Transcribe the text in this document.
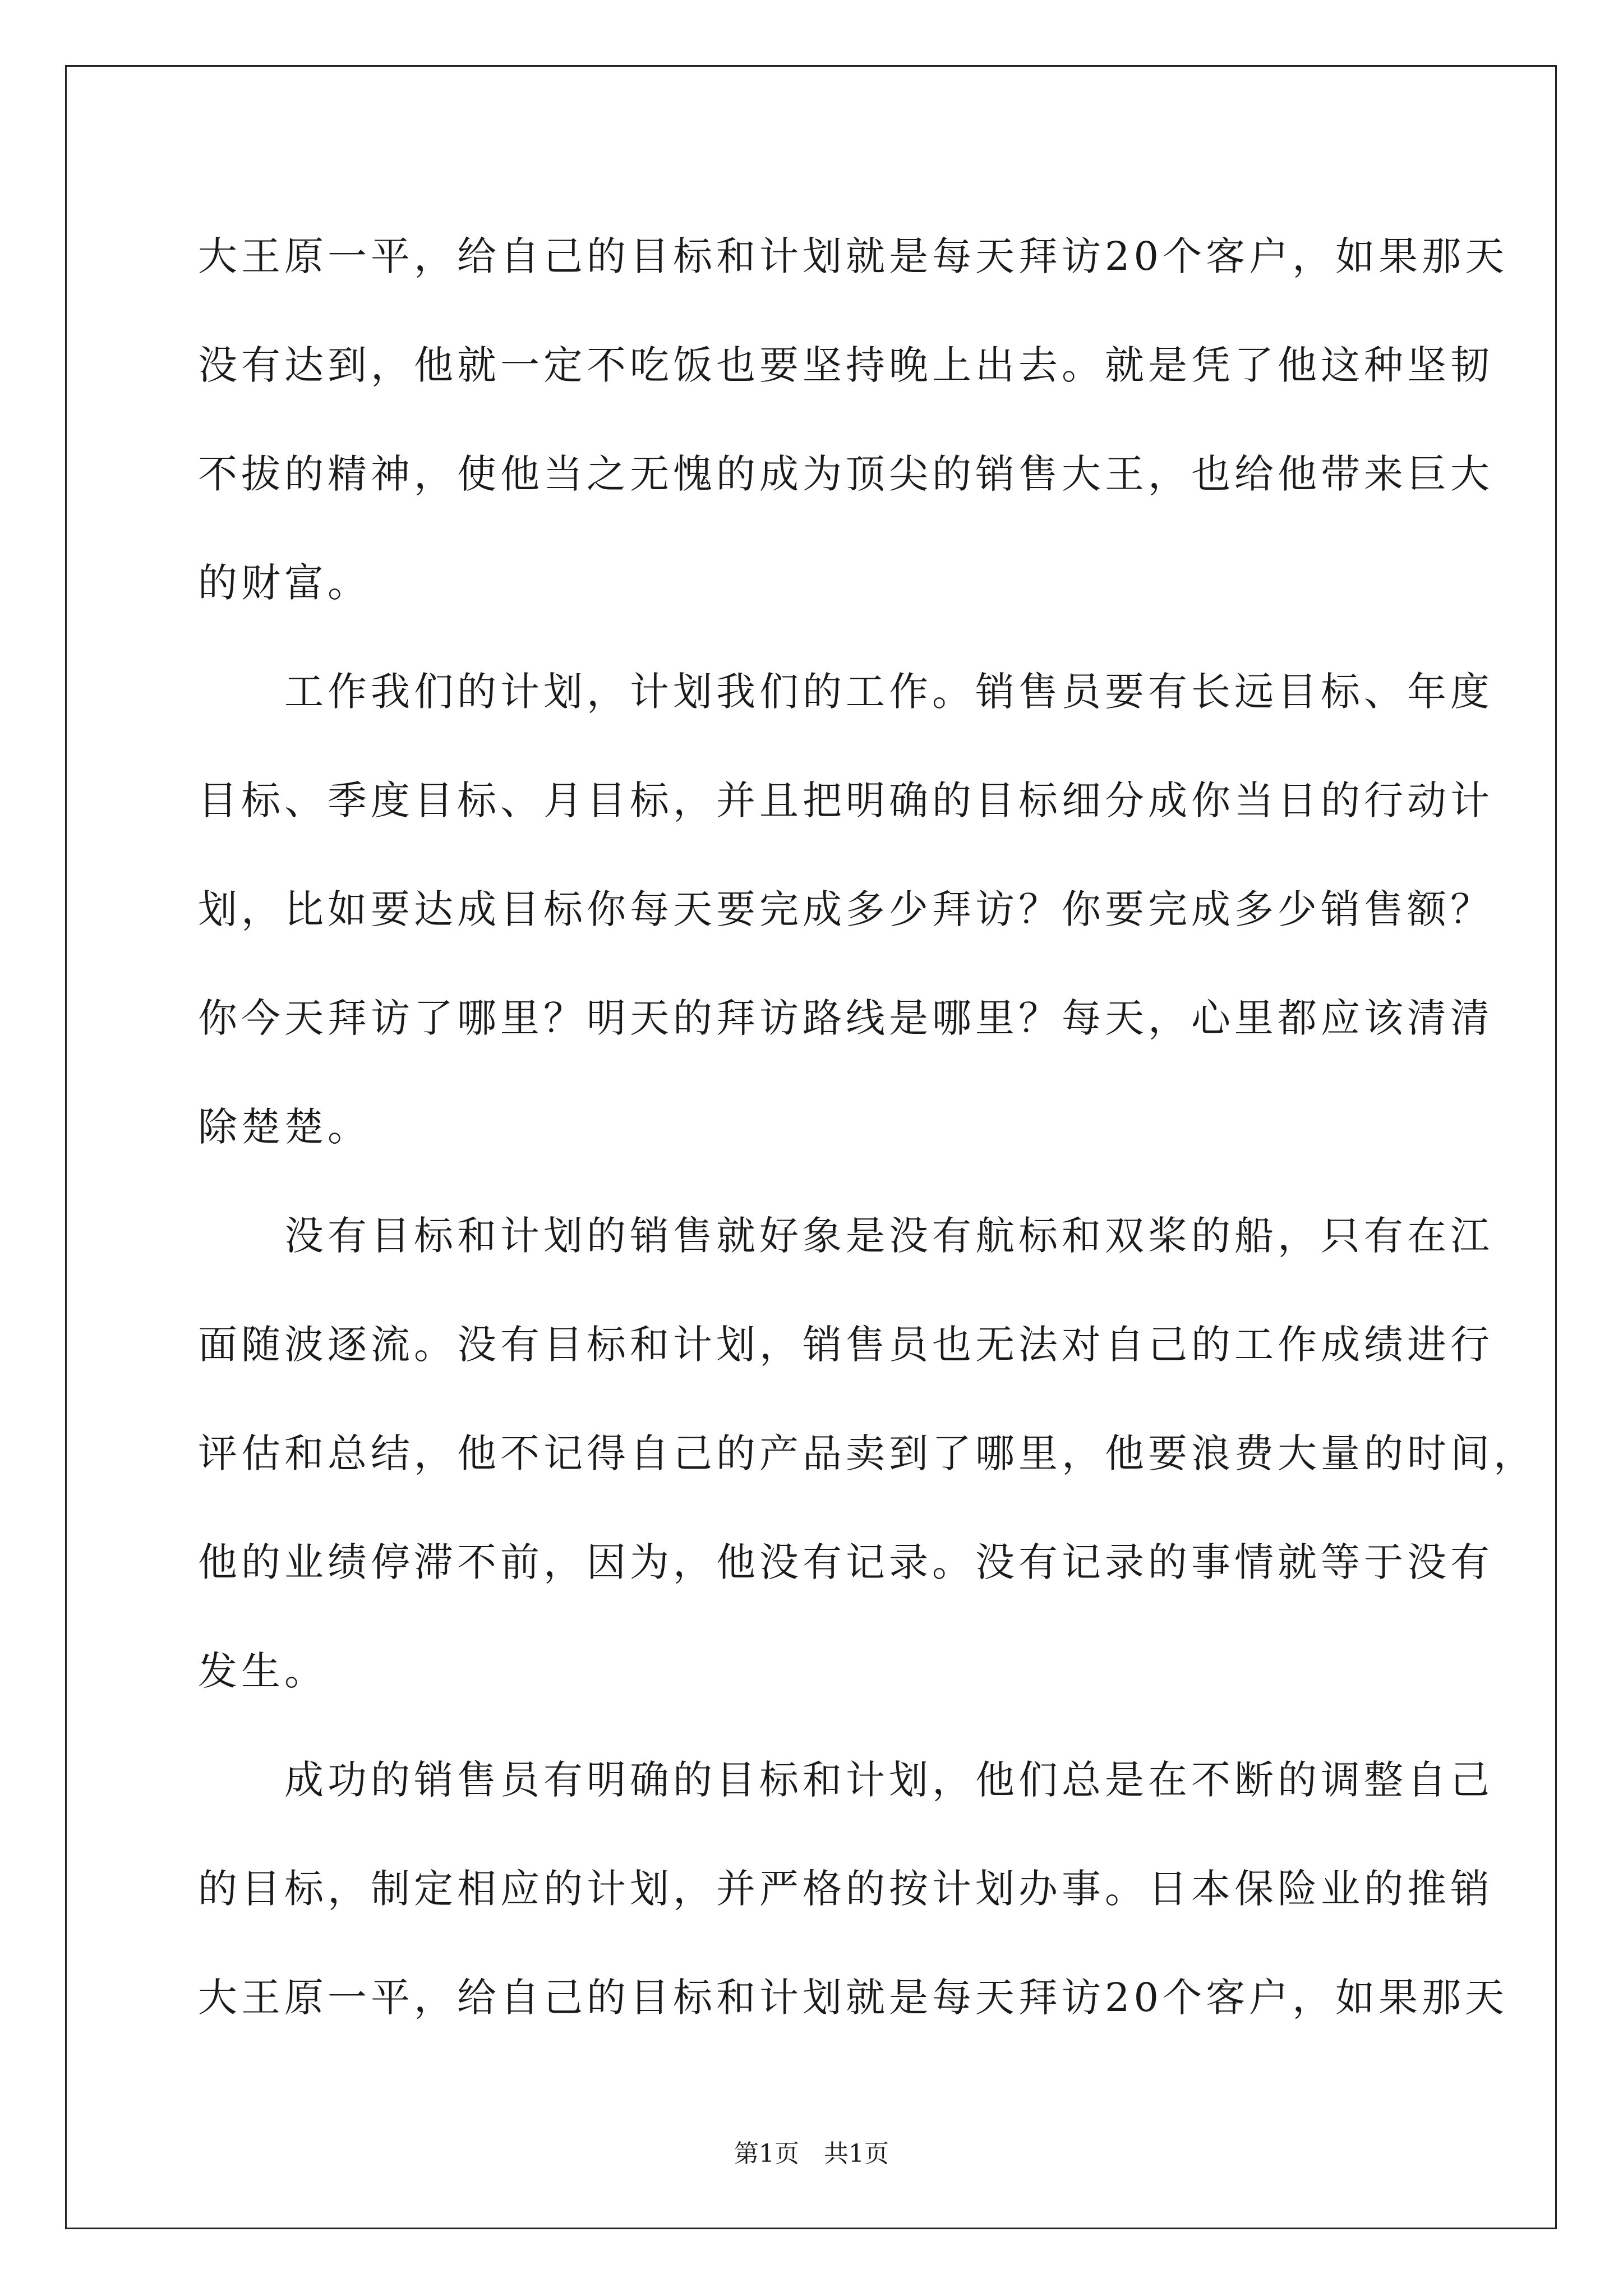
大王原一平，给自己的目标和计划就是每天拜访20个客户，如果那天
没有达到，他就一定不吃饭也要坚持晚上出去。就是凭了他这种坚韧
不拔的精神，使他当之无愧的成为顶尖的销售大王，也给他带来巨大
的财富。
　　工作我们的计划，计划我们的工作。销售员要有长远目标、年度
目标、季度目标、月目标，并且把明确的目标细分成你当日的行动计
划，比如要达成目标你每天要完成多少拜访？你要完成多少销售额？
你今天拜访了哪里？明天的拜访路线是哪里？每天，心里都应该清清
除楚楚。
　　没有目标和计划的销售就好象是没有航标和双桨的船，只有在江
面随波逐流。没有目标和计划，销售员也无法对自己的工作成绩进行
评估和总结，他不记得自己的产品卖到了哪里，他要浪费大量的时间，
他的业绩停滞不前，因为，他没有记录。没有记录的事情就等于没有
发生。
　　成功的销售员有明确的目标和计划，他们总是在不断的调整自己
的目标，制定相应的计划，并严格的按计划办事。日本保险业的推销
大王原一平，给自己的目标和计划就是每天拜访20个客户，如果那天
第1页　共1页
